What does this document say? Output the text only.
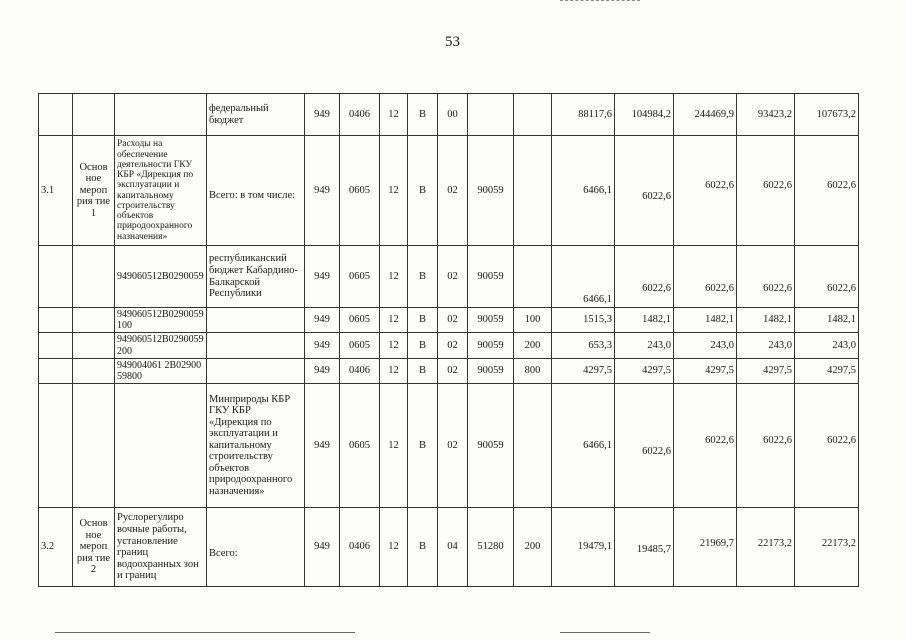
53
			федеральный бюджет	949	0406	12	В	00			88117,6	104984,2	244469,9	93423,2	107673,2
3.1	Основ ное мероп рия тие 1	Расходы на обеспечение деятельности ГКУ КБР «Дирекция по эксплуатации и капитальному строительству объектов природоохранного назначения»	Всего: в том числе:	949	0605	12	В	02	90059		6466,1	6022,6	6022,6	6022,6	6022,6
		949060512В0290059	республиканский бюджет Кабардино-Балкарской Республики	949	0605	12	В	02	90059		6466,1	6022,6	6022,6	6022,6	6022,6
		949060512В0290059100		949	0605	12	В	02	90059	100	1515,3	1482,1	1482,1	1482,1	1482,1
		949060512В0290059200		949	0605	12	В	02	90059	200	653,3	243,0	243,0	243,0	243,0
		949004061 2В0290059800		949	0406	12	В	02	90059	800	4297,5	4297,5	4297,5	4297,5	4297,5
			Минприроды КБР ГКУ КБР «Дирекция по эксплуатации и капитальному строительству объектов природоохранного назначения»	949	0605	12	В	02	90059		6466,1	6022,6	6022,6	6022,6	6022,6
3.2	Основ ное мероп рия тие 2	Руслорегулиро вочные работы, установление границ водоохранных зон и границ	Всего:	949	0406	12	В	04	51280	200	19479,1	19485,7	21969,7	22173,2	22173,2
